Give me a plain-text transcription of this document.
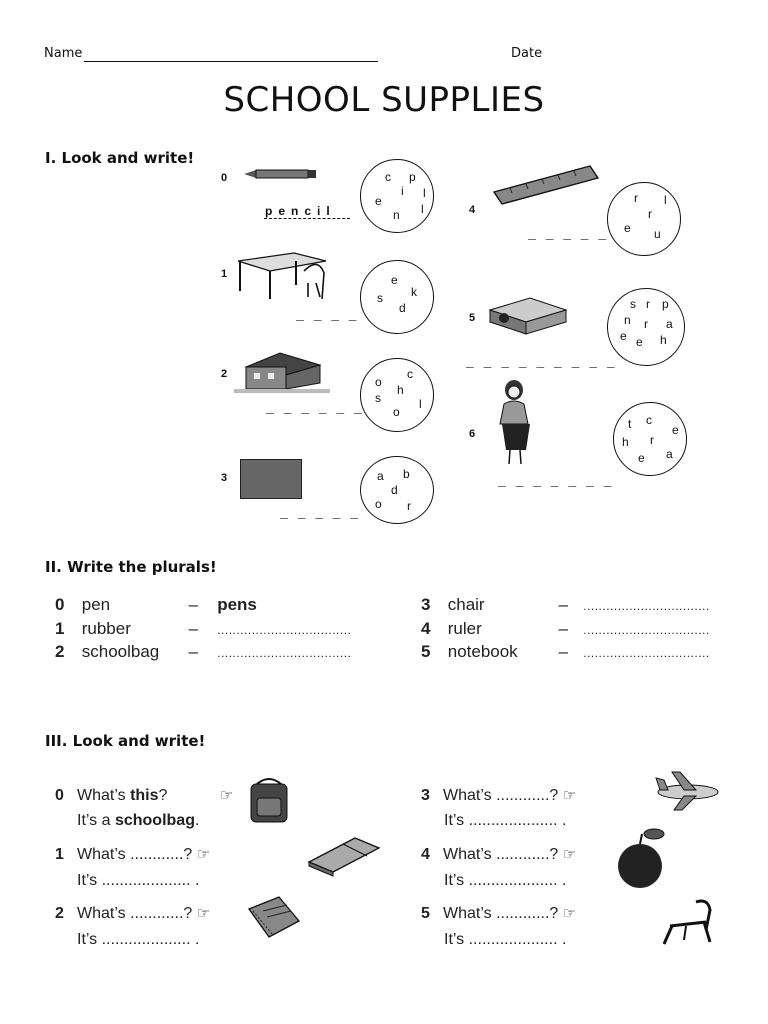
Name	Date
SCHOOL SUPPLIES
I. Look and write!

0
pencil
c p
i
e
l
n
l
1
_ _ _ _
e
k
s
d
2
_ _ _ _ _ _
c
o
h
s	l
o
3
_ _ _ _ _
a b
d
o r
4
_ _ _ _ _
r l
r
e u
5
_ _ _ _ _ _ _ _ _
s r p
n r a
e e h
6
_ _ _ _ _ _ _
t c
e
h r
e a
II. Write the plurals!
0 pen	– pens
1 rubber	– ...................................
2 schoolbag – ...................................
3 chair	– .................................
4 ruler	– .................................
5 notebook – .................................
III. Look and write!
0 What’s this?	☞
It’s a schoolbag.
1 What’s ............? ☞
It’s .................... .
2 What’s ............? ☞
It’s .................... .
3 What’s ............? ☞
It’s .................... .
4 What’s ............? ☞
It’s .................... .
5 What’s ............? ☞
It’s .................... .
